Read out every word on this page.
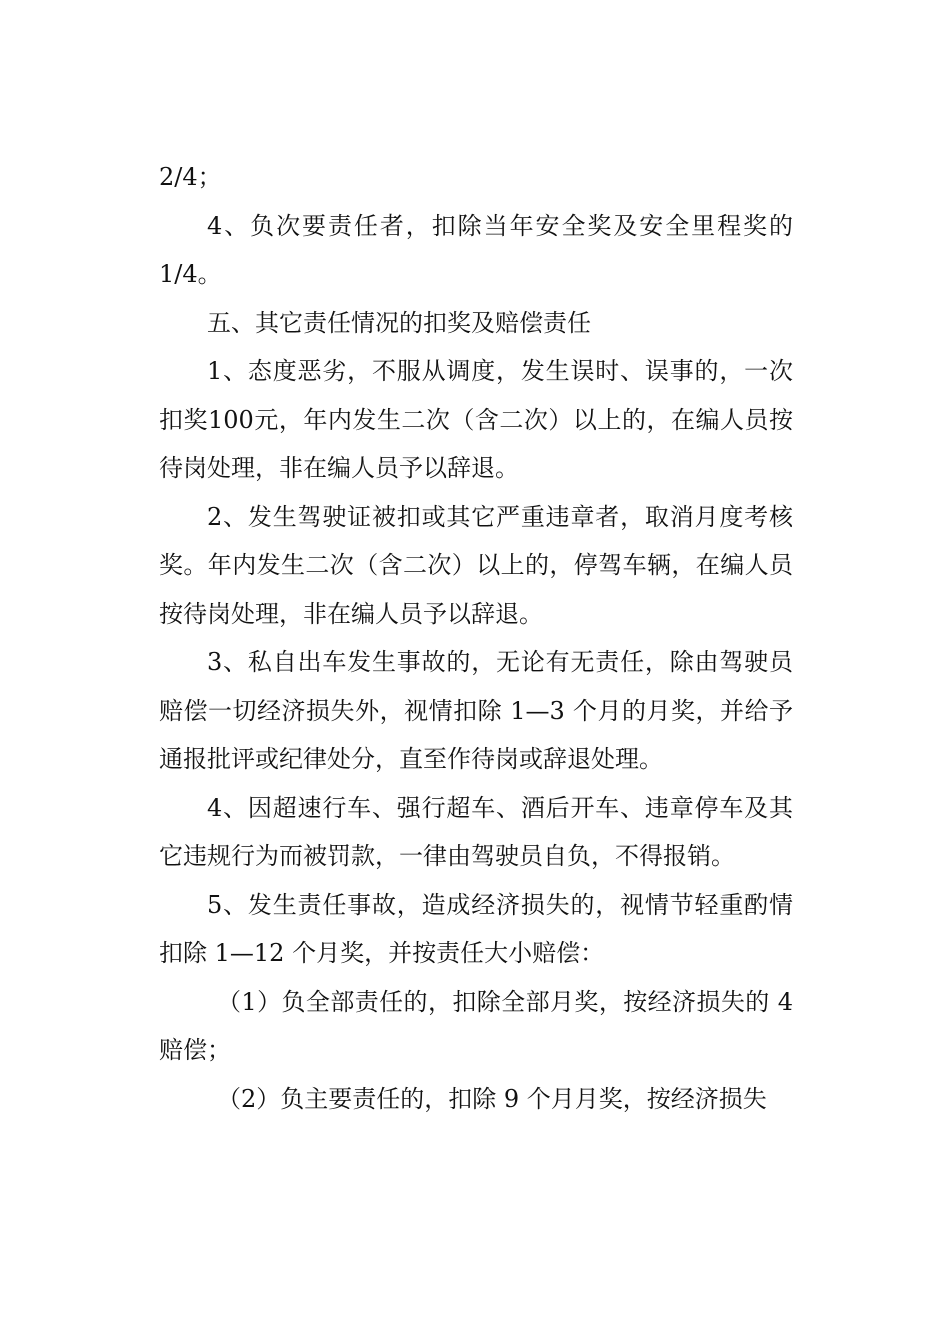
2/4；

4、负次要责任者，扣除当年安全奖及安全里程奖的1/4。

五、其它责任情况的扣奖及赔偿责任

1、态度恶劣，不服从调度，发生误时、误事的，一次扣奖100元，年内发生二次（含二次）以上的，在编人员按待岗处理，非在编人员予以辞退。

2、发生驾驶证被扣或其它严重违章者，取消月度考核奖。年内发生二次（含二次）以上的，停驾车辆，在编人员按待岗处理，非在编人员予以辞退。

3、私自出车发生事故的，无论有无责任，除由驾驶员赔偿一切经济损失外，视情扣除 1—3 个月的月奖，并给予通报批评或纪律处分，直至作待岗或辞退处理。

4、因超速行车、强行超车、酒后开车、违章停车及其它违规行为而被罚款，一律由驾驶员自负，不得报销。

5、发生责任事故，造成经济损失的，视情节轻重酌情扣除 1—12 个月奖，并按责任大小赔偿：

（1）负全部责任的，扣除全部月奖，按经济损失的 4赔偿；

（2）负主要责任的，扣除 9 个月月奖，按经济损失
